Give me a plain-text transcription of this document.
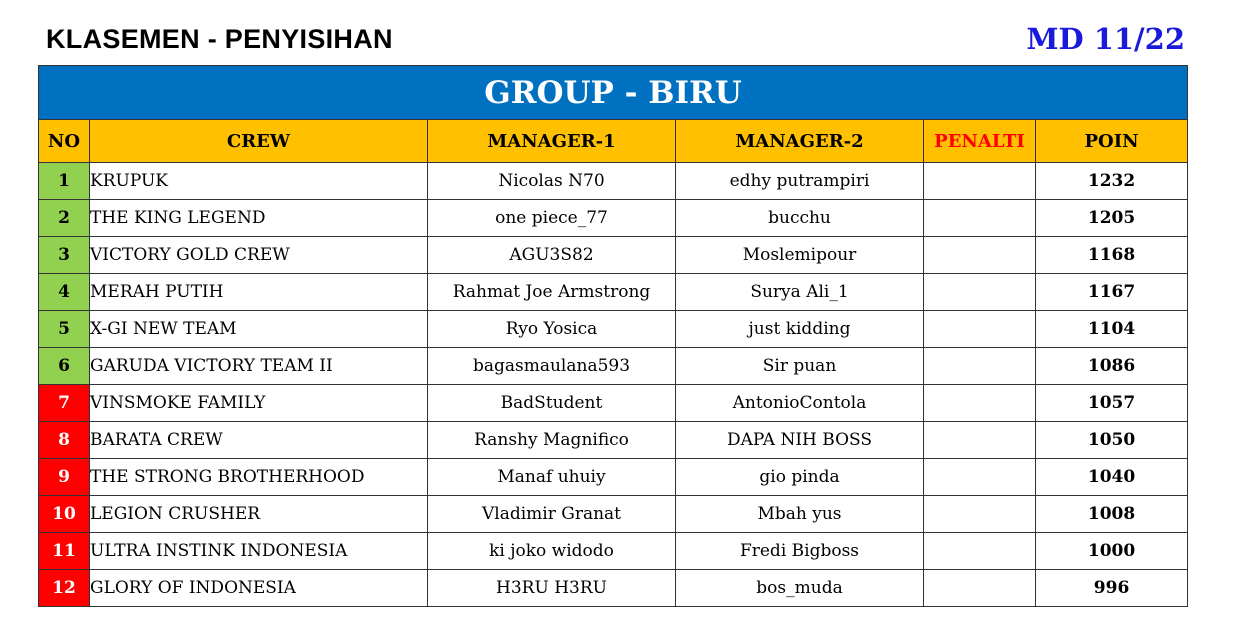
KLASEMEN - PENYISIHAN	MD 11/22
GROUP - BIRU					
NO	CREW	MANAGER-1	MANAGER-2	PENALTI	POIN
1	KRUPUK	Nicolas N70	edhy putrampiri		1232
2	THE KING LEGEND	one piece_77	bucchu		1205
3	VICTORY GOLD CREW	AGU3S82	Moslemipour		1168
4	MERAH PUTIH	Rahmat Joe Armstrong	Surya Ali_1		1167
5	X-GI NEW TEAM	Ryo Yosica	just kidding		1104
6	GARUDA VICTORY TEAM II	bagasmaulana593	Sir puan		1086
7	VINSMOKE FAMILY	BadStudent	AntonioContola		1057
8	BARATA CREW	Ranshy Magnifico	DAPA NIH BOSS		1050
9	THE STRONG BROTHERHOOD	Manaf uhuiy	gio pinda		1040
10	LEGION CRUSHER	Vladimir Granat	Mbah yus		1008
11	ULTRA INSTINK INDONESIA	ki joko widodo	Fredi Bigboss		1000
12	GLORY OF INDONESIA	H3RU H3RU	bos_muda		996
